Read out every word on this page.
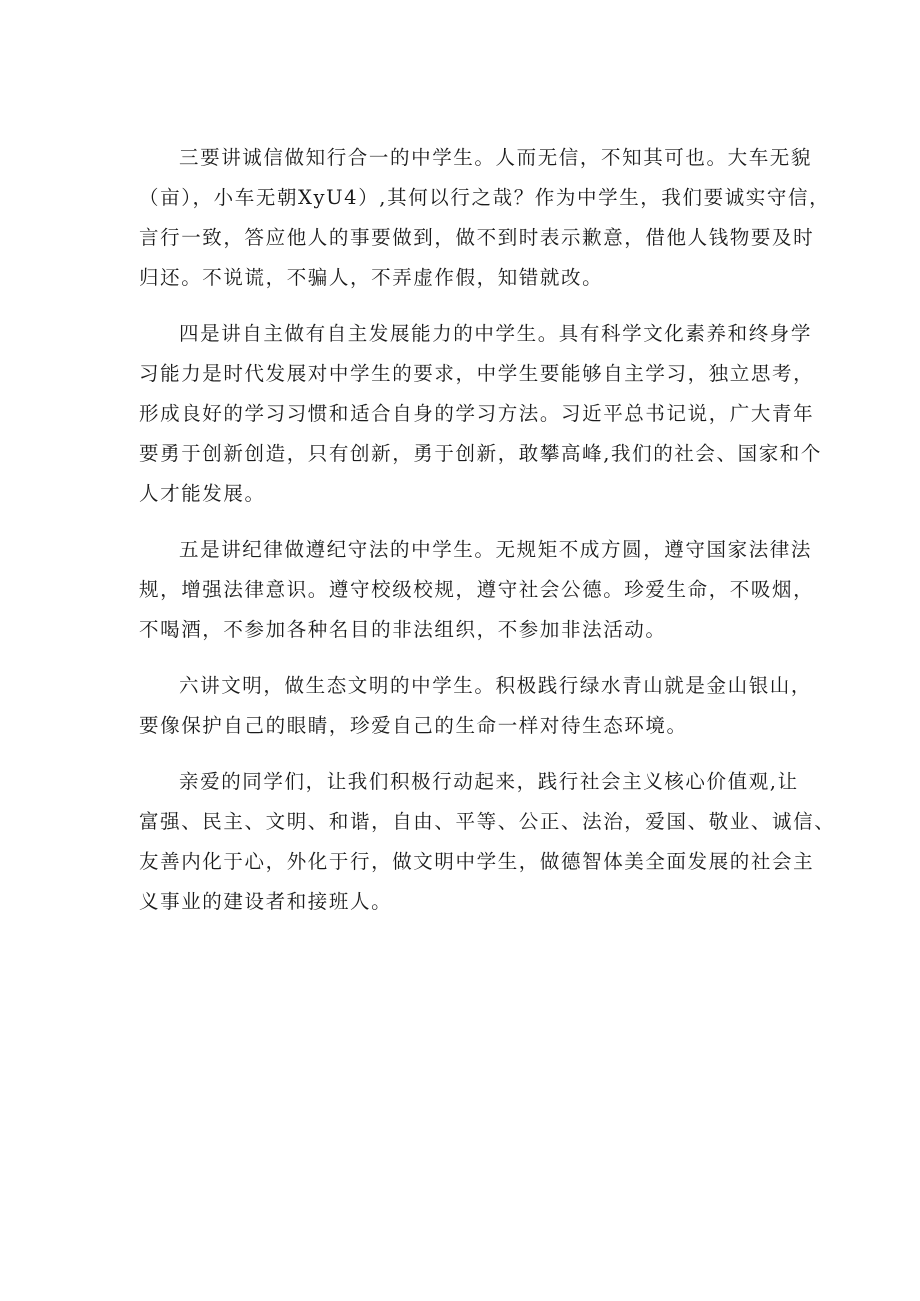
三要讲诚信做知行合一的中学生。人而无信，不知其可也。大车无貌
（亩），小车无朝XyU4）,其何以行之哉？作为中学生，我们要诚实守信，
言行一致，答应他人的事要做到，做不到时表示歉意，借他人钱物要及时
归还。不说谎，不骗人，不弄虚作假，知错就改。

四是讲自主做有自主发展能力的中学生。具有科学文化素养和终身学
习能力是时代发展对中学生的要求，中学生要能够自主学习，独立思考，
形成良好的学习习惯和适合自身的学习方法。习近平总书记说，广大青年
要勇于创新创造，只有创新，勇于创新，敢攀高峰,我们的社会、国家和个
人才能发展。

五是讲纪律做遵纪守法的中学生。无规矩不成方圆，遵守国家法律法
规，增强法律意识。遵守校级校规，遵守社会公德。珍爱生命，不吸烟，
不喝酒，不参加各种名目的非法组织，不参加非法活动。

六讲文明，做生态文明的中学生。积极践行绿水青山就是金山银山，
要像保护自己的眼睛，珍爱自己的生命一样对待生态环境。

亲爱的同学们，让我们积极行动起来，践行社会主义核心价值观,让
富强、民主、文明、和谐，自由、平等、公正、法治，爱国、敬业、诚信、
友善内化于心，外化于行，做文明中学生，做德智体美全面发展的社会主
义事业的建设者和接班人。
